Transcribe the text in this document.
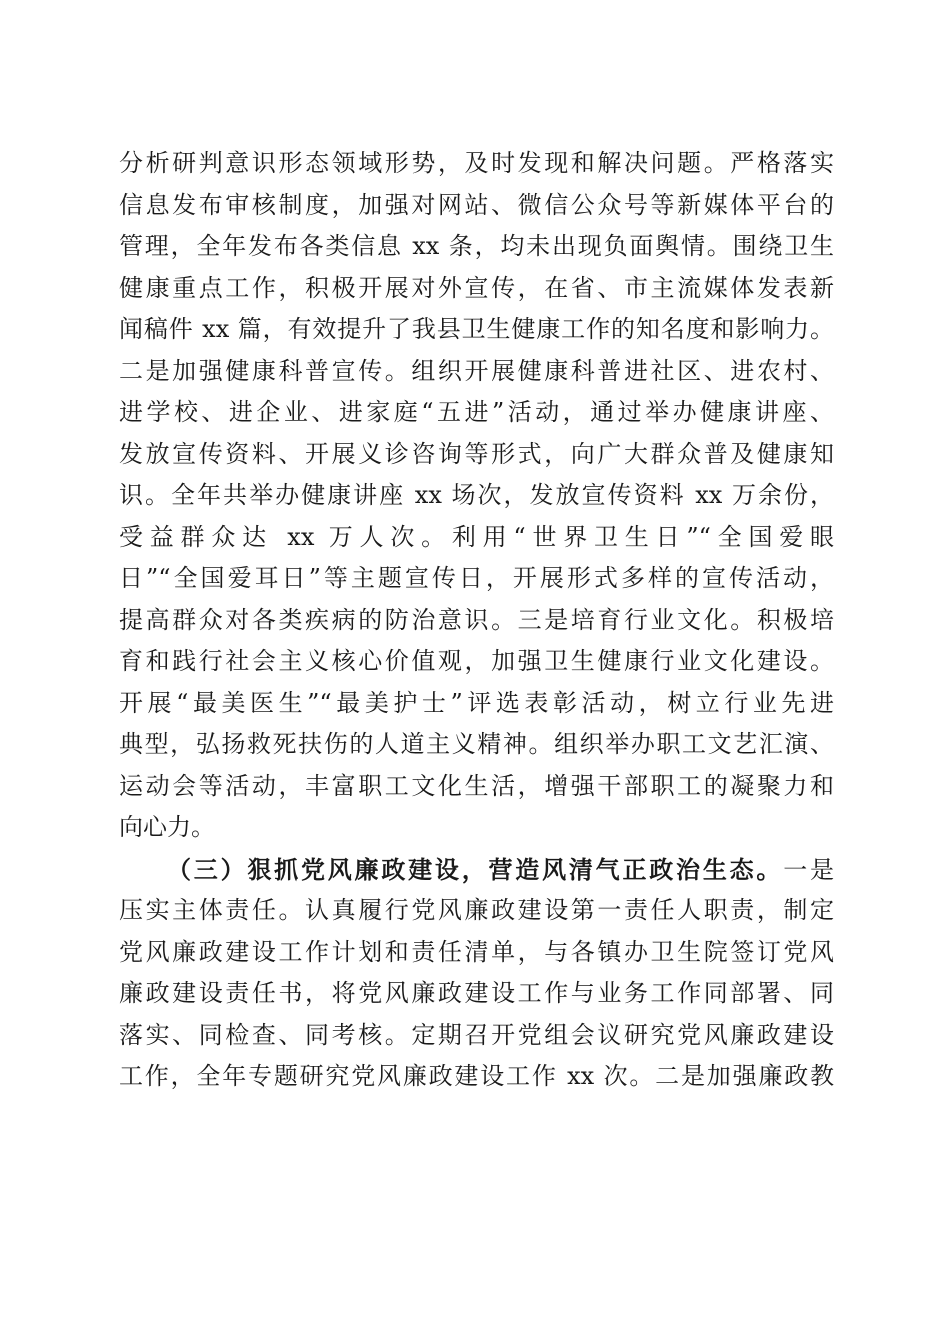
分析研判意识形态领域形势，及时发现和解决问题。严格落实
信息发布审核制度，加强对网站、微信公众号等新媒体平台的
管理，全年发布各类信息 xx 条，均未出现负面舆情。围绕卫生
健康重点工作，积极开展对外宣传，在省、市主流媒体发表新
闻稿件 xx 篇，有效提升了我县卫生健康工作的知名度和影响力。
二是加强健康科普宣传。组织开展健康科普进社区、进农村、
进学校、进企业、进家庭“五进”活动，通过举办健康讲座、
发放宣传资料、开展义诊咨询等形式，向广大群众普及健康知
识。全年共举办健康讲座 xx 场次，发放宣传资料 xx 万余份，
受益群众达 xx 万人次。利用“世界卫生日”“全国爱眼
日”“全国爱耳日”等主题宣传日，开展形式多样的宣传活动，
提高群众对各类疾病的防治意识。三是培育行业文化。积极培
育和践行社会主义核心价值观，加强卫生健康行业文化建设。
开展“最美医生”“最美护士”评选表彰活动，树立行业先进
典型，弘扬救死扶伤的人道主义精神。组织举办职工文艺汇演、
运动会等活动，丰富职工文化生活，增强干部职工的凝聚力和
向心力。
（三）狠抓党风廉政建设，营造风清气正政治生态。一是
压实主体责任。认真履行党风廉政建设第一责任人职责，制定
党风廉政建设工作计划和责任清单，与各镇办卫生院签订党风
廉政建设责任书，将党风廉政建设工作与业务工作同部署、同
落实、同检查、同考核。定期召开党组会议研究党风廉政建设
工作，全年专题研究党风廉政建设工作 xx 次。二是加强廉政教
